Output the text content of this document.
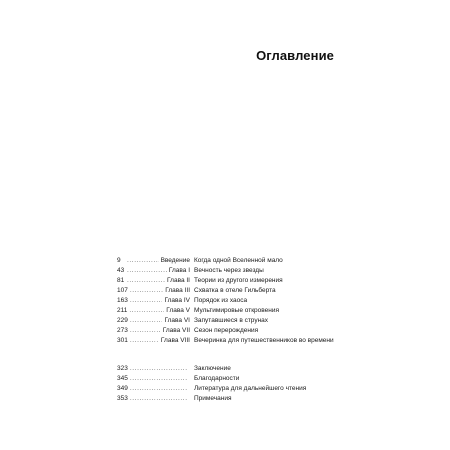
Оглавление
9 .....	Введение Когда одной Вселенной мало
43 .....	Глава I Вечность через звезды
81 .....	Глава II Теории из другого измерения
107 .....	Глава III Схватка в отеле Гильберта
163 .....	Глава IV Порядок из хаоса
211 .....	Глава V Мультимировые откровения
229 .....	Глава VI Запутавшиеся в струнах
273 .....	Глава VII Сезон перерождения
301 .....	Глава VIII Вечеринка для путешественников во времени
323 .....	Заключение
345 .....	Благодарности
349 .....	Литература для дальнейшего чтения
353 .....	Примечания
